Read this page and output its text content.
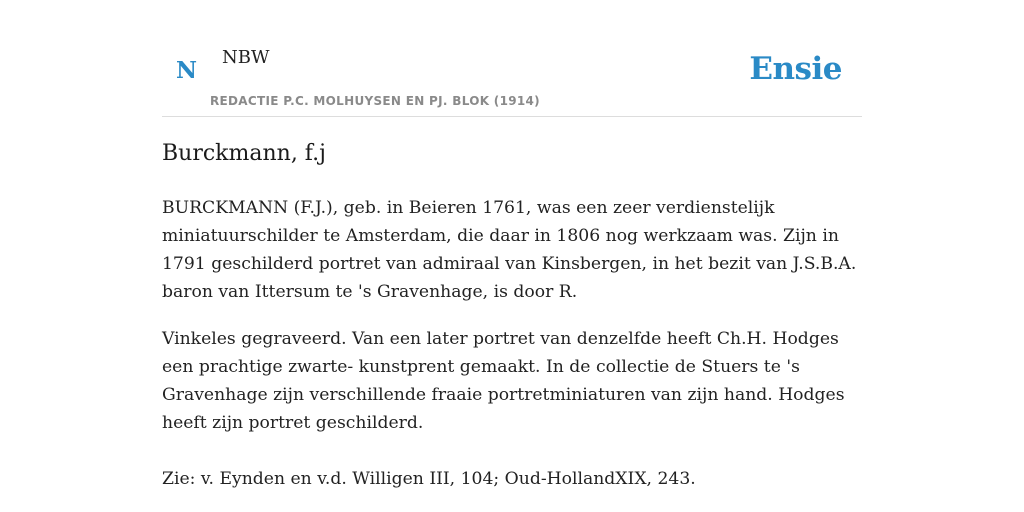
N NBW
REDACTIE P.C. MOLHUYSEN EN PJ. BLOK (1914)
Ensie
Burckmann, f.j

BURCKMANN (F.J.), geb. in Beieren 1761, was een zeer verdienstelijk miniatuurschilder te Amsterdam, die daar in 1806 nog werkzaam was. Zijn in 1791 geschilderd portret van admiraal van Kinsbergen, in het bezit van J.S.B.A. baron van Ittersum te 's Gravenhage, is door R.

Vinkeles gegraveerd. Van een later portret van denzelfde heeft Ch.H. Hodges een prachtige zwarte- kunstprent gemaakt. In de collectie de Stuers te 's Gravenhage zijn verschillende fraaie portretminiaturen van zijn hand. Hodges heeft zijn portret geschilderd.

Zie: v. Eynden en v.d. Willigen III, 104; Oud-HollandXIX, 243.
